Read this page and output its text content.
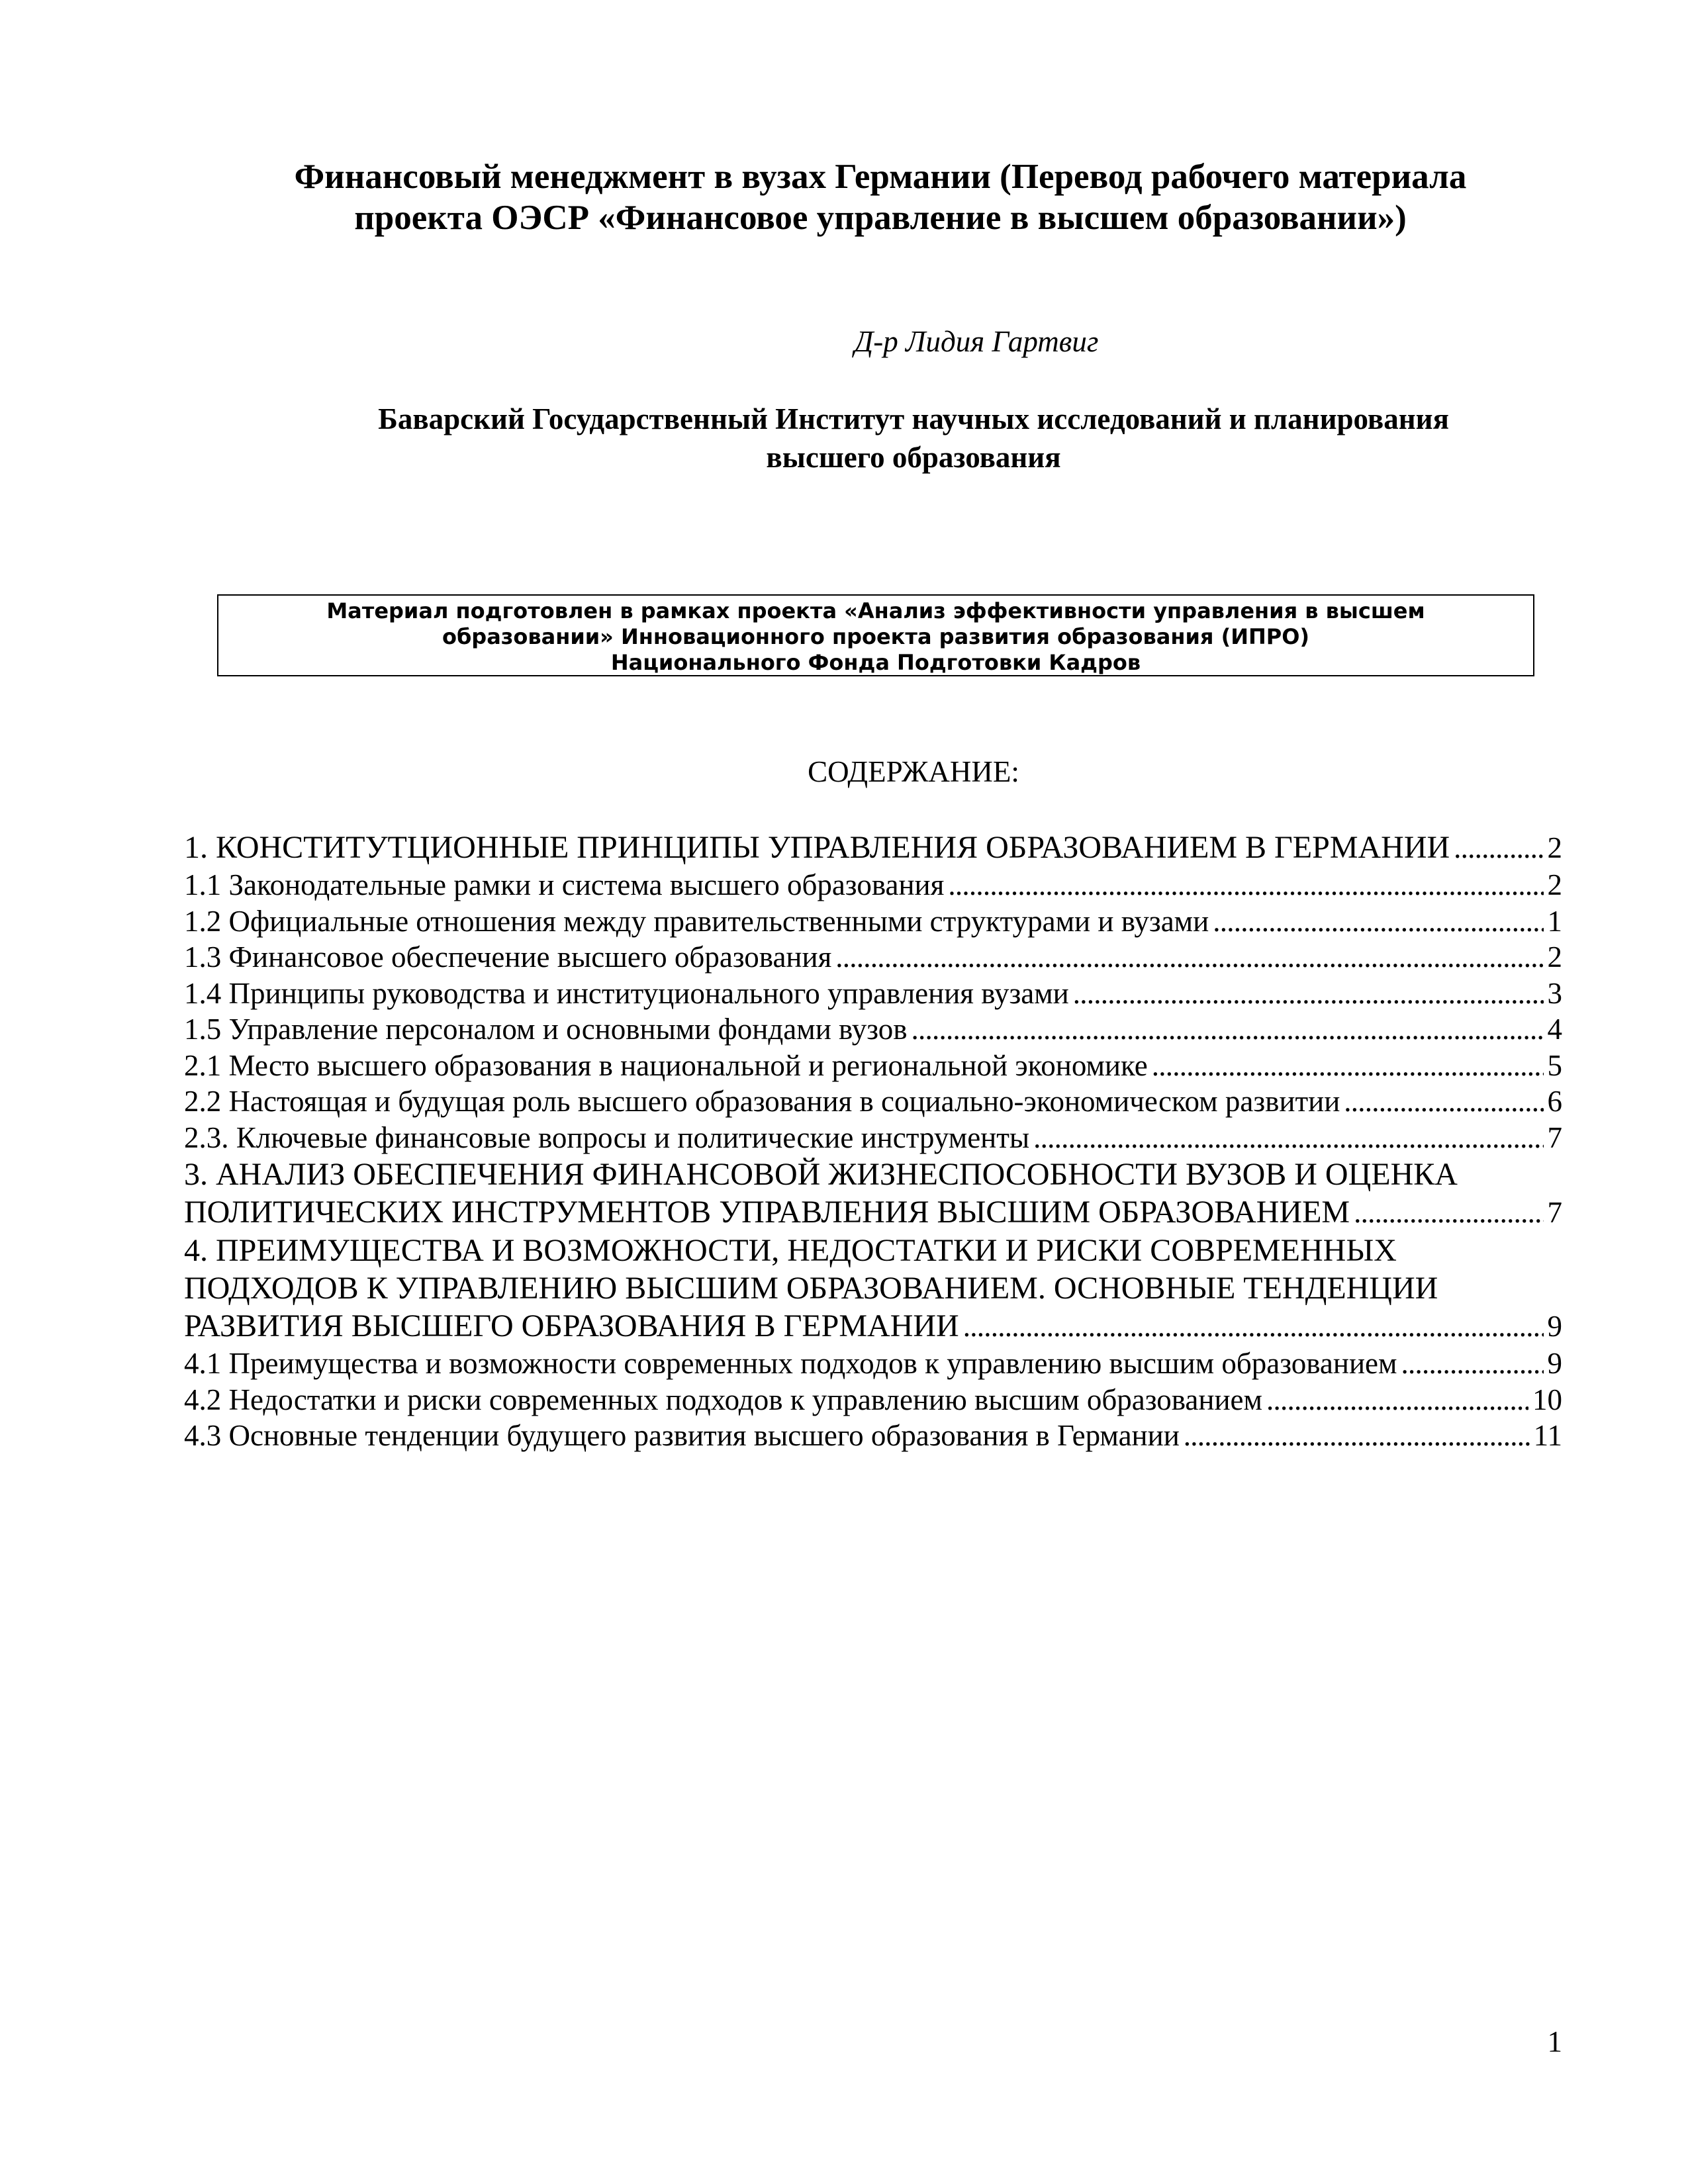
Финансовый менеджмент в вузах Германии (Перевод рабочего материала
проекта ОЭСР «Финансовое управление в высшем образовании»)
Д-р Лидия Гартвиг
Баварский Государственный Институт научных исследований и планирования
высшего образования
Материал подготовлен в рамках проекта «Анализ эффективности управления в высшем
образовании» Инновационного проекта развития образования (ИПРО)
Национального Фонда Подготовки Кадров
СОДЕРЖАНИЕ:
1. КОНСТИТУТЦИОННЫЕ ПРИНЦИПЫ УПРАВЛЕНИЯ ОБРАЗОВАНИЕМ В ГЕРМАНИИ . . .	2
1.1 Законодательные рамки и система высшего образования . . .	2
1.2 Официальные отношения между правительственными структурами и вузами . . .	1
1.3 Финансовое обеспечение высшего образования . . .	2
1.4 Принципы руководства и институционального управления вузами . . .	3
1.5 Управление персоналом и основными фондами вузов . . .	4
2.1 Место высшего образования в национальной и региональной экономике . . .	5
2.2 Настоящая и будущая роль высшего образования в социально-экономическом развитии . . .	6
2.3. Ключевые финансовые вопросы и политические инструменты . . .	7
3. АНАЛИЗ ОБЕСПЕЧЕНИЯ ФИНАНСОВОЙ ЖИЗНЕСПОСОБНОСТИ ВУЗОВ И ОЦЕНКА
ПОЛИТИЧЕСКИХ ИНСТРУМЕНТОВ УПРАВЛЕНИЯ ВЫСШИМ ОБРАЗОВАНИЕМ . . .	7
4. ПРЕИМУЩЕСТВА И ВОЗМОЖНОСТИ, НЕДОСТАТКИ И РИСКИ СОВРЕМЕННЫХ
ПОДХОДОВ К УПРАВЛЕНИЮ ВЫСШИМ ОБРАЗОВАНИЕМ. ОСНОВНЫЕ ТЕНДЕНЦИИ
РАЗВИТИЯ ВЫСШЕГО ОБРАЗОВАНИЯ В ГЕРМАНИИ . . .	9
4.1 Преимущества и возможности современных подходов к управлению высшим образованием . . .	9
4.2 Недостатки и риски современных подходов к управлению высшим образованием . . .	10
4.3 Основные тенденции будущего развития высшего образования в Германии . . .	11
1
